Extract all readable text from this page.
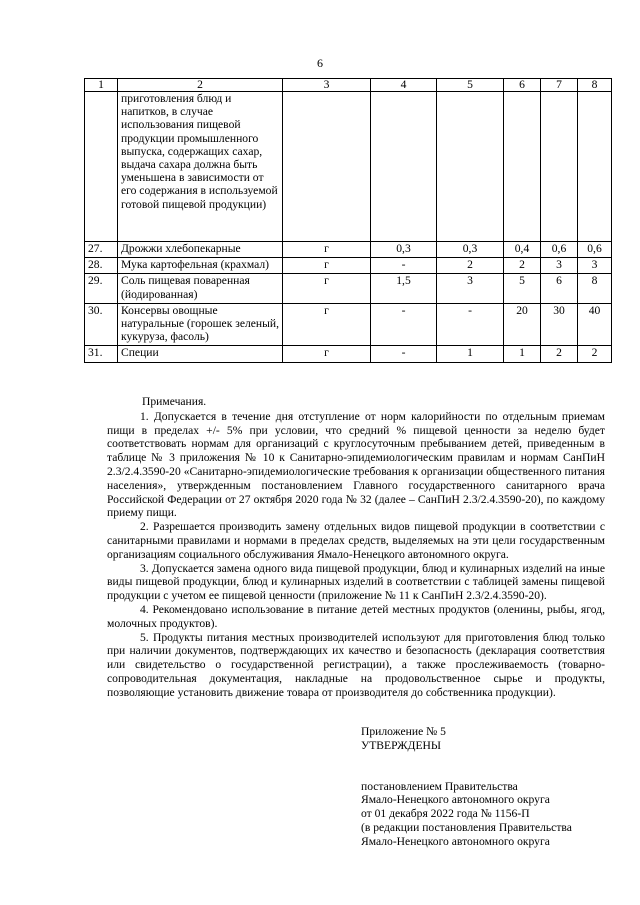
6
1	2	3	4	5	6	7	8
	приготовления блюд и напитков, в случае использования пищевой продукции промышленного выпуска, содержащих сахар, выдача сахара должна быть уменьшена в зависимости от его содержания в используемой готовой пищевой продукции)						
27.	Дрожжи хлебопекарные	г	0,3	0,3	0,4	0,6	0,6
28.	Мука картофельная (крахмал)	г	-	2	2	3	3
29.	Соль пищевая поваренная (йодированная)	г	1,5	3	5	6	8
30.	Консервы овощные натуральные (горошек зеленый, кукуруза, фасоль)	г	-	-	20	30	40
31.	Специи	г	-	1	1	2	2

Примечания.

1. Допускается в течение дня отступление от норм калорийности по отдельным приемам пищи в пределах +/- 5% при условии, что средний % пищевой ценности за неделю будет соответствовать нормам для организаций с круглосуточным пребыванием детей, приведенным в таблице № 3 приложения № 10 к Санитарно-эпидемиологическим правилам и нормам СанПиН 2.3/2.4.3590-20 «Санитарно-эпидемиологические требования к организации общественного питания населения», утвержденным постановлением Главного государственного санитарного врача Российской Федерации от 27 октября 2020 года № 32 (далее – СанПиН 2.3/2.4.3590-20), по каждому приему пищи.

2. Разрешается производить замену отдельных видов пищевой продукции в соответствии с санитарными правилами и нормами в пределах средств, выделяемых на эти цели государственным организациям социального обслуживания Ямало-Ненецкого автономного округа.

3. Допускается замена одного вида пищевой продукции, блюд и кулинарных изделий на иные виды пищевой продукции, блюд и кулинарных изделий в соответствии с таблицей замены пищевой продукции с учетом ее пищевой ценности (приложение № 11 к СанПиН 2.3/2.4.3590-20).

4. Рекомендовано использование в питание детей местных продуктов (оленины, рыбы, ягод, молочных продуктов).

5. Продукты питания местных производителей используют для приготовления блюд только при наличии документов, подтверждающих их качество и безопасность (декларация соответствия или свидетельство о государственной регистрации), а также прослеживаемость (товарно-сопроводительная документация, накладные на продовольственное сырье и продукты, позволяющие установить движение товара от производителя до собственника продукции).

Приложение № 5
УТВЕРЖДЕНЫ
постановлением Правительства
Ямало-Ненецкого автономного округа
от 01 декабря 2022 года № 1156-П
(в редакции постановления Правительства
Ямало-Ненецкого автономного округа
